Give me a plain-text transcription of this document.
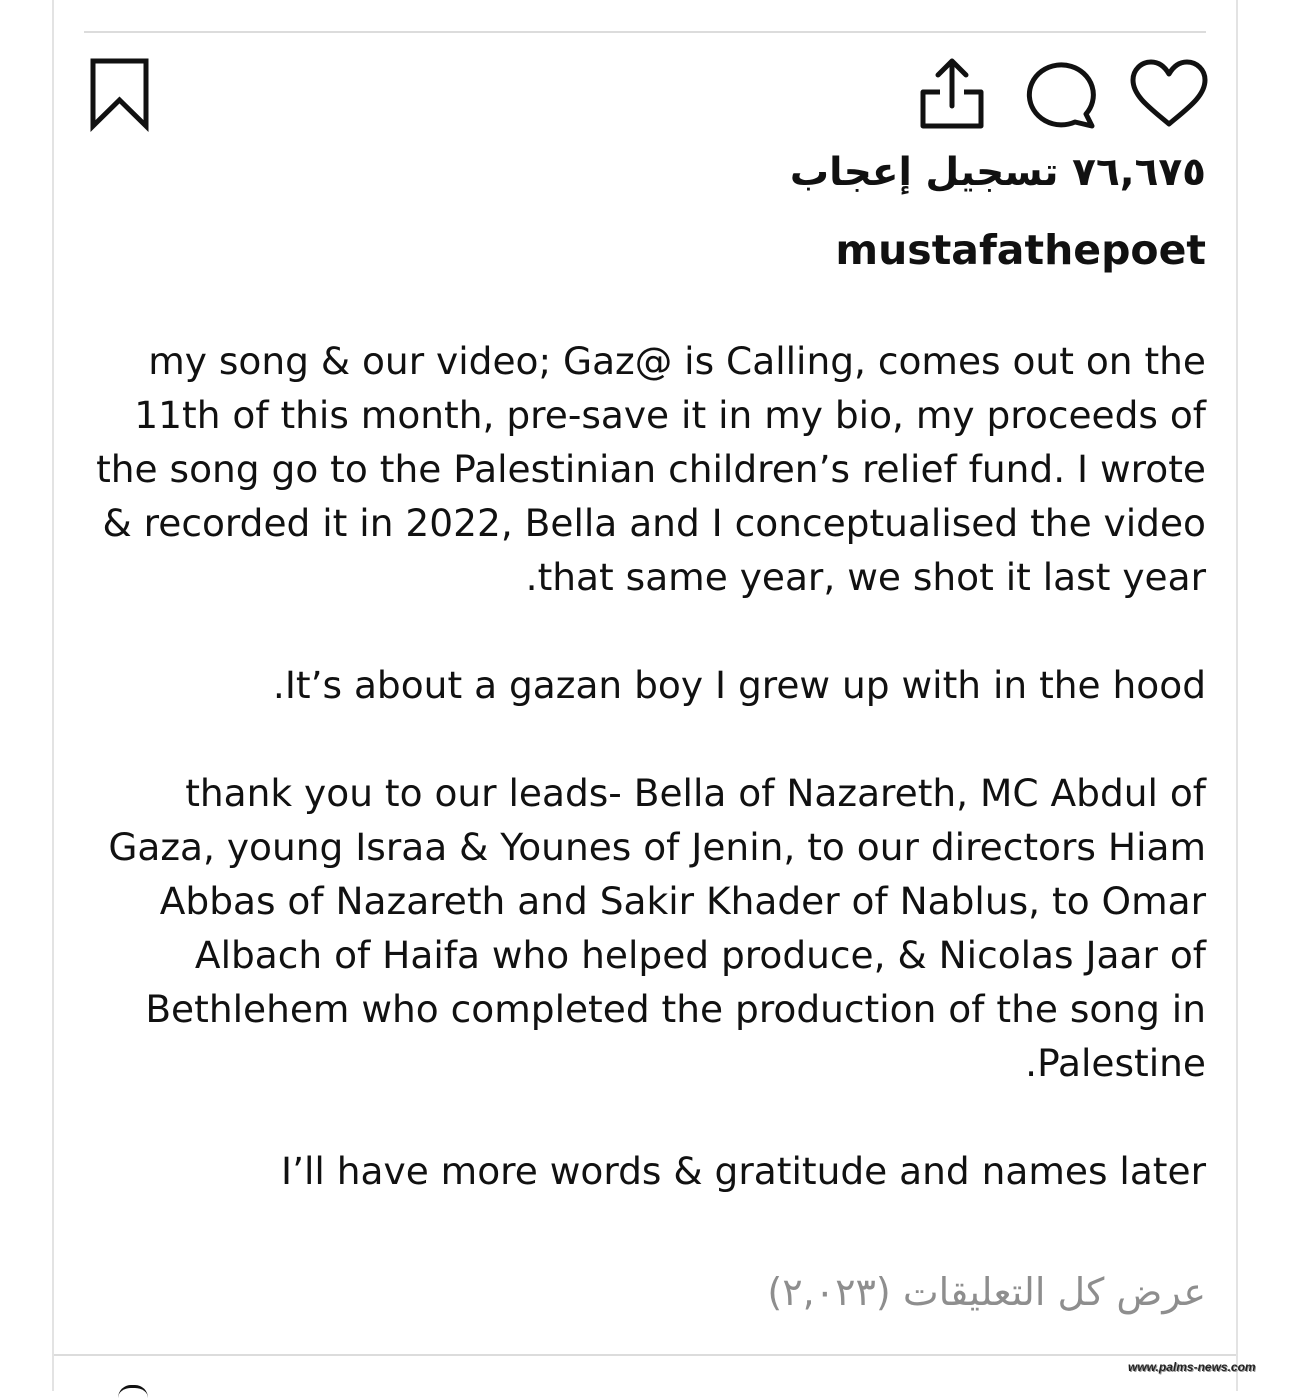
٧٦,٦٧٥ تسجيل إعجاب
mustafathepoet

my song & our video; Gaz@ is Calling, comes out on the 11th of this month, pre-save it in my bio, my proceeds of the song go to the Palestinian children’s relief fund. I wrote & recorded it in 2022, Bella and I conceptualised the video that same year, we shot it last year.

It’s about a gazan boy I grew up with in the hood.

thank you to our leads- Bella of Nazareth, MC Abdul of Gaza, young Israa & Younes of Jenin, to our directors Hiam Abbas of Nazareth and Sakir Khader of Nablus, to Omar Albach of Haifa who helped produce, & Nicolas Jaar of Bethlehem who completed the production of the song in Palestine.

I’ll have more words & gratitude and names later

عرض كل التعليقات (٢,٠٢٣)
www.palms-news.com
